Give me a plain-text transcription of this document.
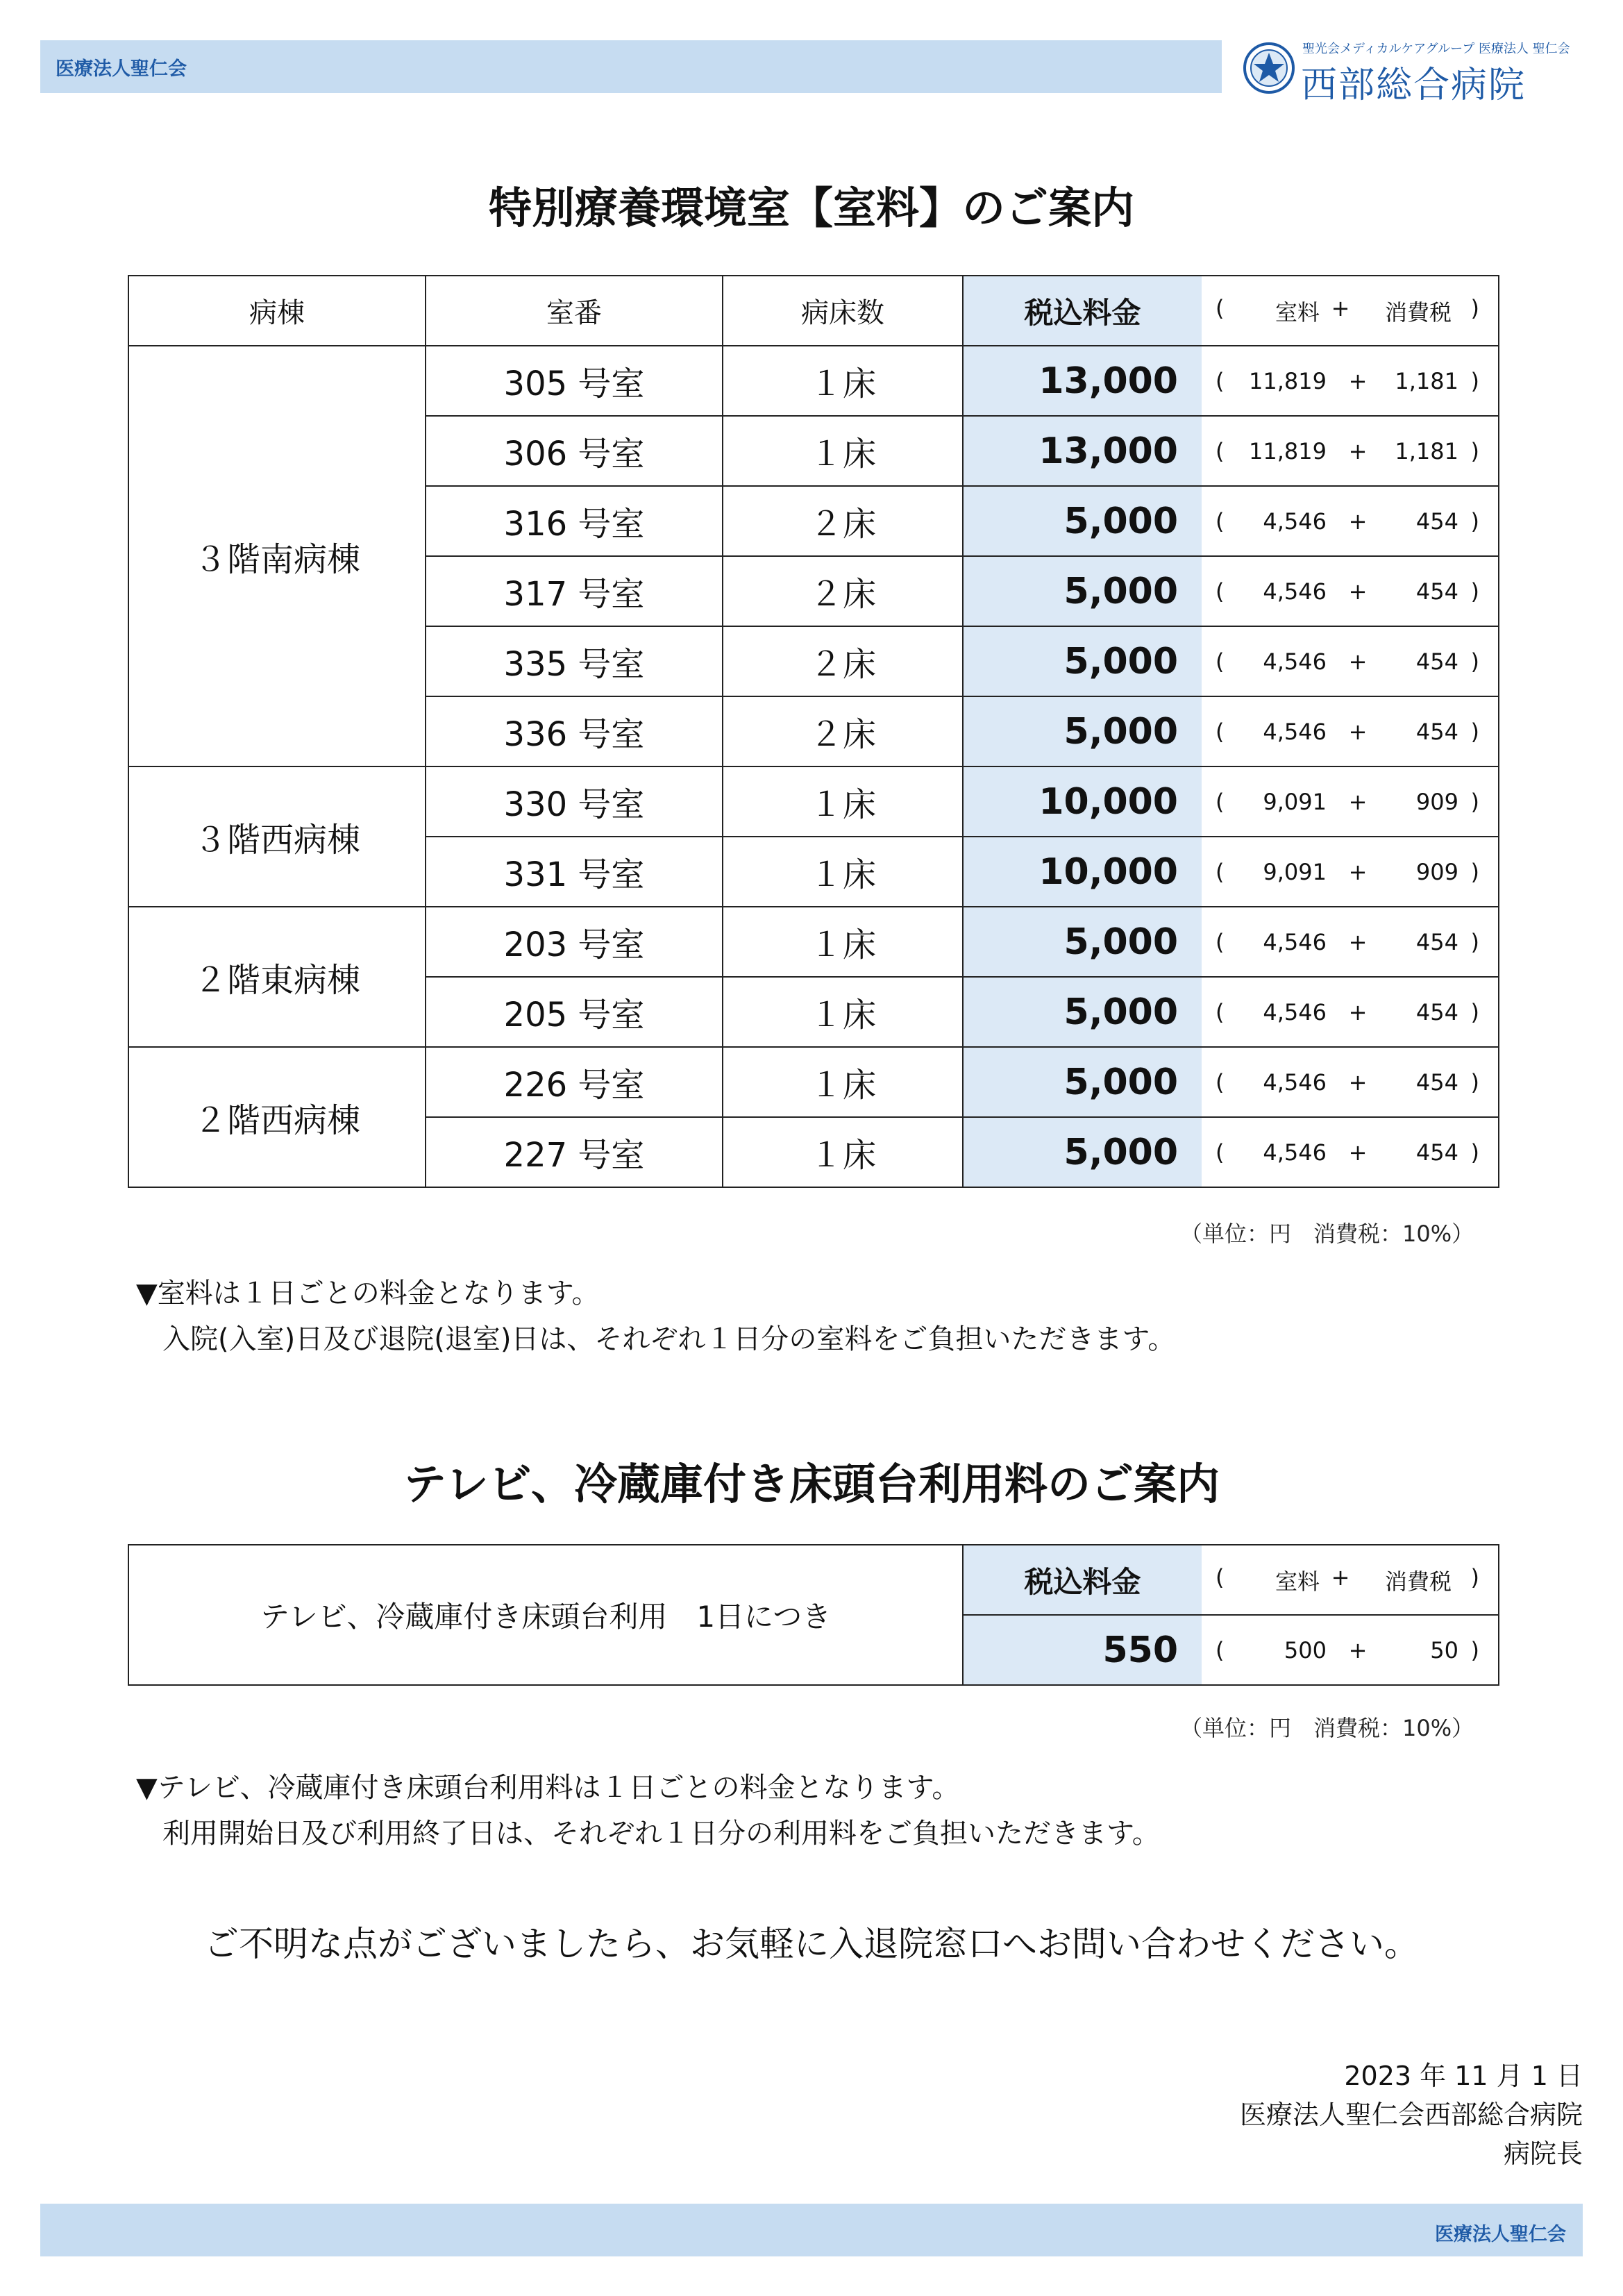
医療法人聖仁会
聖光会メディカルケアグループ 医療法人 聖仁会
西部総合病院
特別療養環境室【室料】のご案内
病棟	室番	病床数	税込料金	( 室料 + 消費税 )

３階南病棟	305 号室	１床	13,000	( 11,819 + 1,181 )

	306 号室	１床	13,000	( 11,819 + 1,181 )

	316 号室	２床	5,000	( 4,546 + 454 )

	317 号室	２床	5,000	( 4,546 + 454 )

	335 号室	２床	5,000	( 4,546 + 454 )

	336 号室	２床	5,000	( 4,546 + 454 )

３階西病棟	330 号室	１床	10,000	( 9,091 + 909 )

	331 号室	１床	10,000	( 9,091 + 909 )

２階東病棟	203 号室	１床	5,000	( 4,546 + 454 )

	205 号室	１床	5,000	( 4,546 + 454 )

２階西病棟	226 号室	１床	5,000	( 4,546 + 454 )

	227 号室	１床	5,000	( 4,546 + 454 )
（単位：円　消費税：10%）
▼室料は１日ごとの料金となります。
入院(入室)日及び退院(退室)日は、それぞれ１日分の室料をご負担いただきます。
テレビ、冷蔵庫付き床頭台利用料のご案内
テレビ、冷蔵庫付き床頭台利用　1日につき	税込料金	( 室料 + 消費税 )

	550	( 500 + 50 )
（単位：円　消費税：10%）
▼テレビ、冷蔵庫付き床頭台利用料は１日ごとの料金となります。
利用開始日及び利用終了日は、それぞれ１日分の利用料をご負担いただきます。
ご不明な点がございましたら、お気軽に入退院窓口へお問い合わせください。
2023 年 11 月 1 日
医療法人聖仁会西部総合病院
病院長
医療法人聖仁会
